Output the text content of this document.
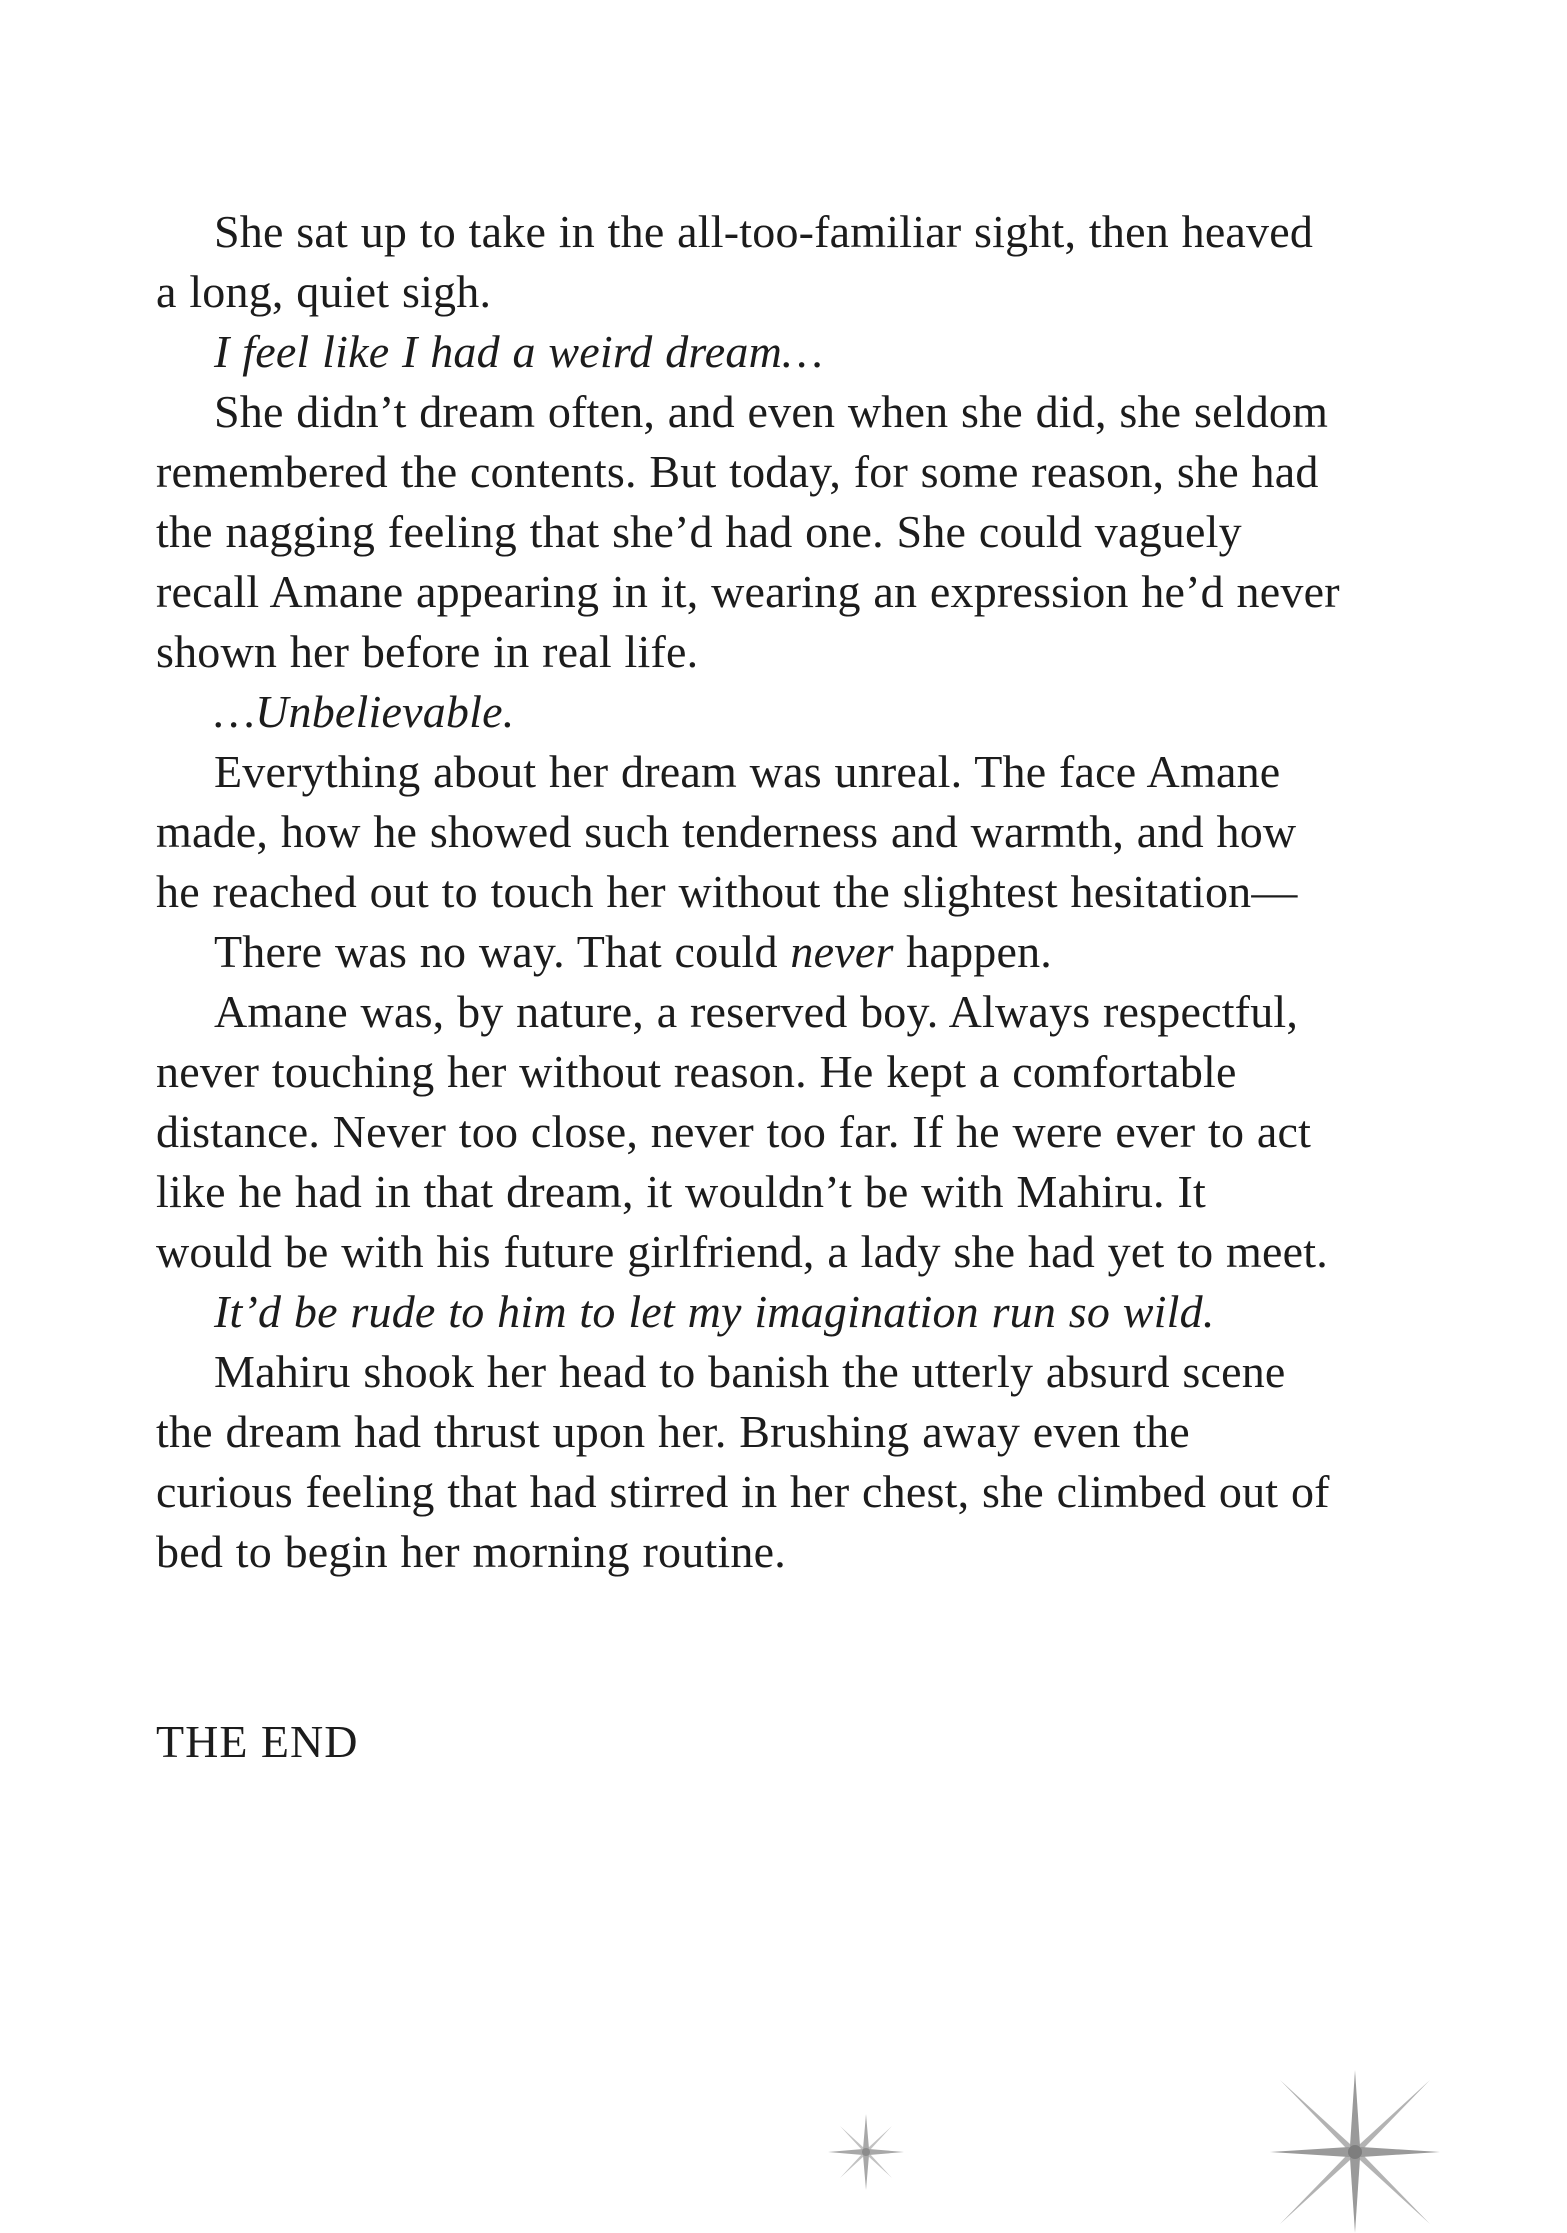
She sat up to take in the all-too-familiar sight, then heaved
a long, quiet sigh.
I feel like I had a weird dream…
She didn’t dream often, and even when she did, she seldom
remembered the contents. But today, for some reason, she had
the nagging feeling that she’d had one. She could vaguely
recall Amane appearing in it, wearing an expression he’d never
shown her before in real life.
…Unbelievable.
Everything about her dream was unreal. The face Amane
made, how he showed such tenderness and warmth, and how
he reached out to touch her without the slightest hesitation—
There was no way. That could never happen.
Amane was, by nature, a reserved boy. Always respectful,
never touching her without reason. He kept a comfortable
distance. Never too close, never too far. If he were ever to act
like he had in that dream, it wouldn’t be with Mahiru. It
would be with his future girlfriend, a lady she had yet to meet.
It’d be rude to him to let my imagination run so wild.
Mahiru shook her head to banish the utterly absurd scene
the dream had thrust upon her. Brushing away even the
curious feeling that had stirred in her chest, she climbed out of
bed to begin her morning routine.
THE END
